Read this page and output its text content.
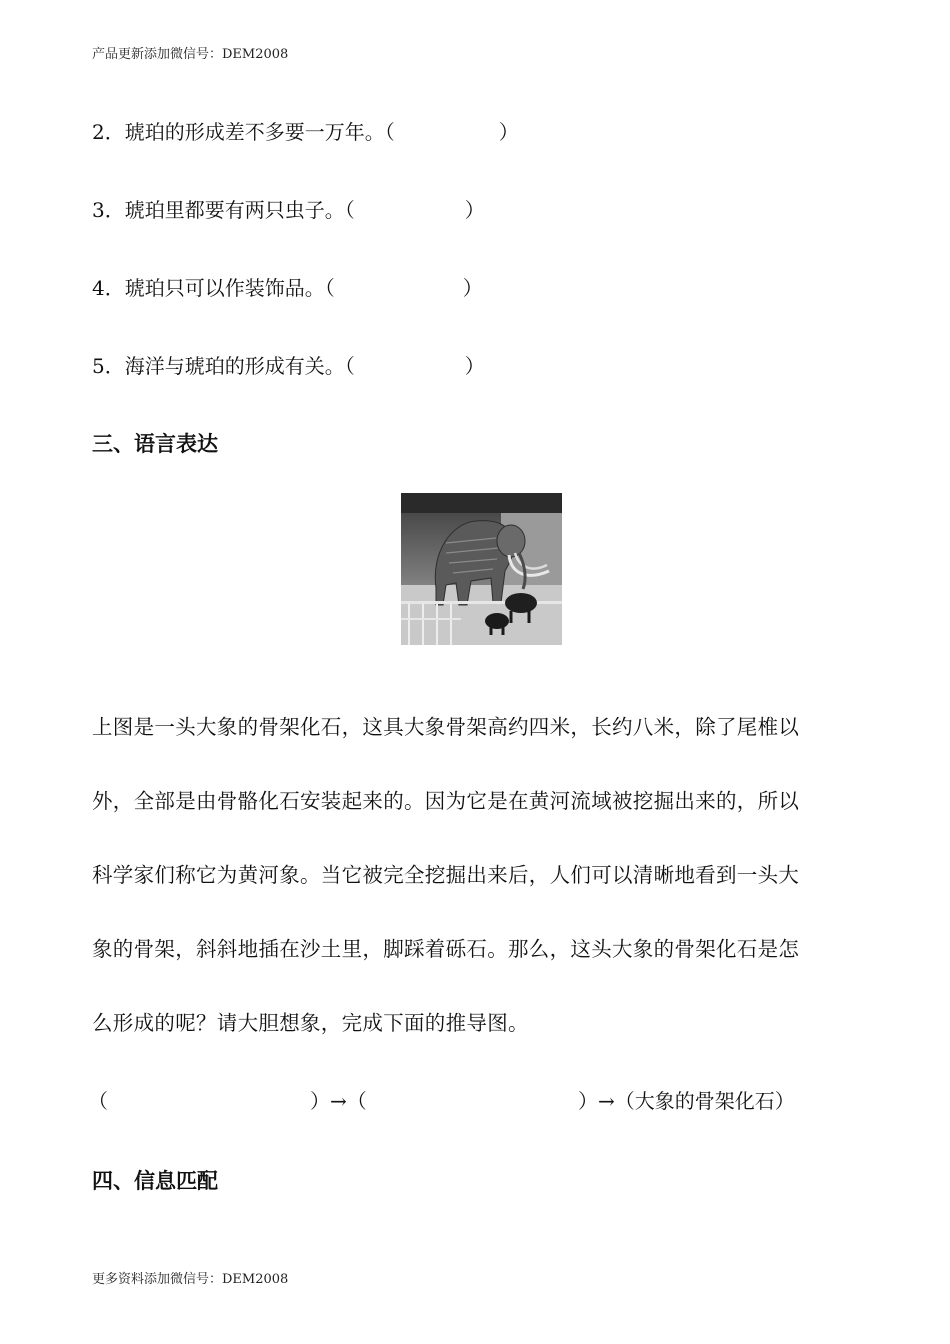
产品更新添加微信号：DEM2008
2．琥珀的形成差不多要一万年。（	）
3．琥珀里都要有两只虫子。（	）
4．琥珀只可以作装饰品。（	）
5．海洋与琥珀的形成有关。（	）
三、语言表达
上图是一头大象的骨架化石，这具大象骨架高约四米，长约八米，除了尾椎以
外，全部是由骨骼化石安装起来的。因为它是在黄河流域被挖掘出来的，所以
科学家们称它为黄河象。当它被完全挖掘出来后，人们可以清晰地看到一头大
象的骨架，斜斜地插在沙土里，脚踩着砾石。那么，这头大象的骨架化石是怎
么形成的呢？请大胆想象，完成下面的推导图。
（	）→（	）→（大象的骨架化石）
四、信息匹配
更多资料添加微信号：DEM2008
